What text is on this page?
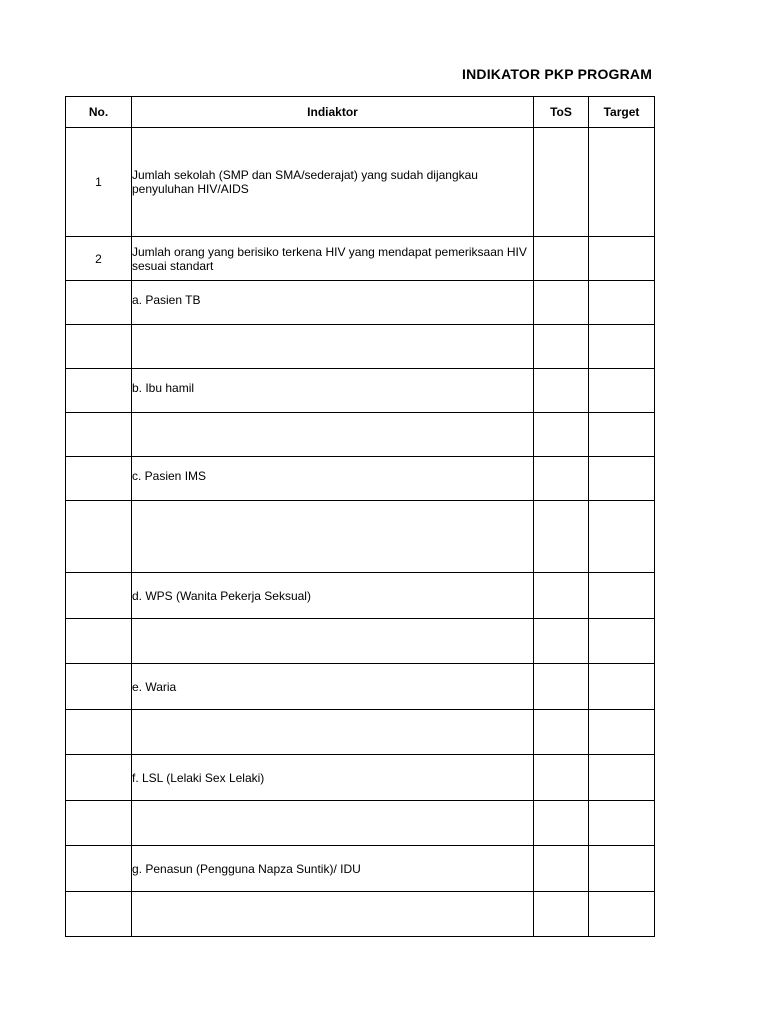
INDIKATOR PKP PROGRAM
No.	Indiaktor	ToS	Target
1	Jumlah sekolah (SMP dan SMA/sederajat) yang sudah dijangkau penyuluhan HIV/AIDS		
2	Jumlah orang yang berisiko terkena HIV yang mendapat pemeriksaan HIV sesuai standart		
	a. Pasien TB		

	b. Ibu hamil		

	c. Pasien IMS		

	d. WPS (Wanita Pekerja Seksual)		

	e. Waria		

	f. LSL (Lelaki Sex Lelaki)		

	g. Penasun (Pengguna Napza Suntik)/ IDU		
